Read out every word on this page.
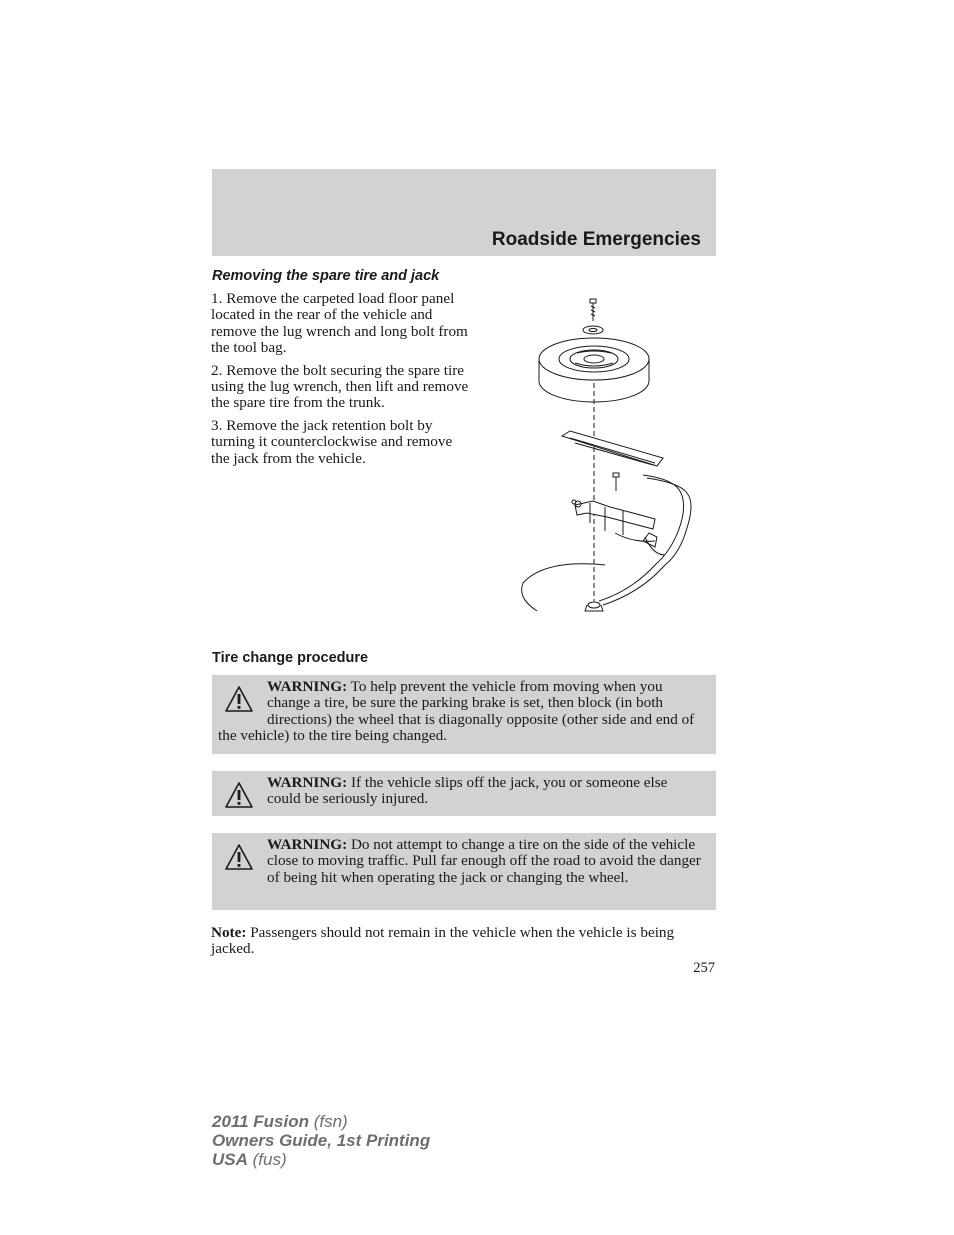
Roadside Emergencies
Removing the spare tire and jack

1. Remove the carpeted load floor panel located in the rear of the vehicle and remove the lug wrench and long bolt from the tool bag.

2. Remove the bolt securing the spare tire using the lug wrench, then lift and remove the spare tire from the trunk.

3. Remove the jack retention bolt by turning it counterclockwise and remove the jack from the vehicle.

Tire change procedure
WARNING: To help prevent the vehicle from moving when you change a tire, be sure the parking brake is set, then block (in both directions) the wheel that is diagonally opposite (other side and end of the vehicle) to the tire being changed.
WARNING: If the vehicle slips off the jack, you or someone else could be seriously injured.
WARNING: Do not attempt to change a tire on the side of the vehicle close to moving traffic. Pull far enough off the road to avoid the danger of being hit when operating the jack or changing the wheel.
Note: Passengers should not remain in the vehicle when the vehicle is being jacked.
257
2011 Fusion (fsn)
Owners Guide, 1st Printing
USA (fus)
